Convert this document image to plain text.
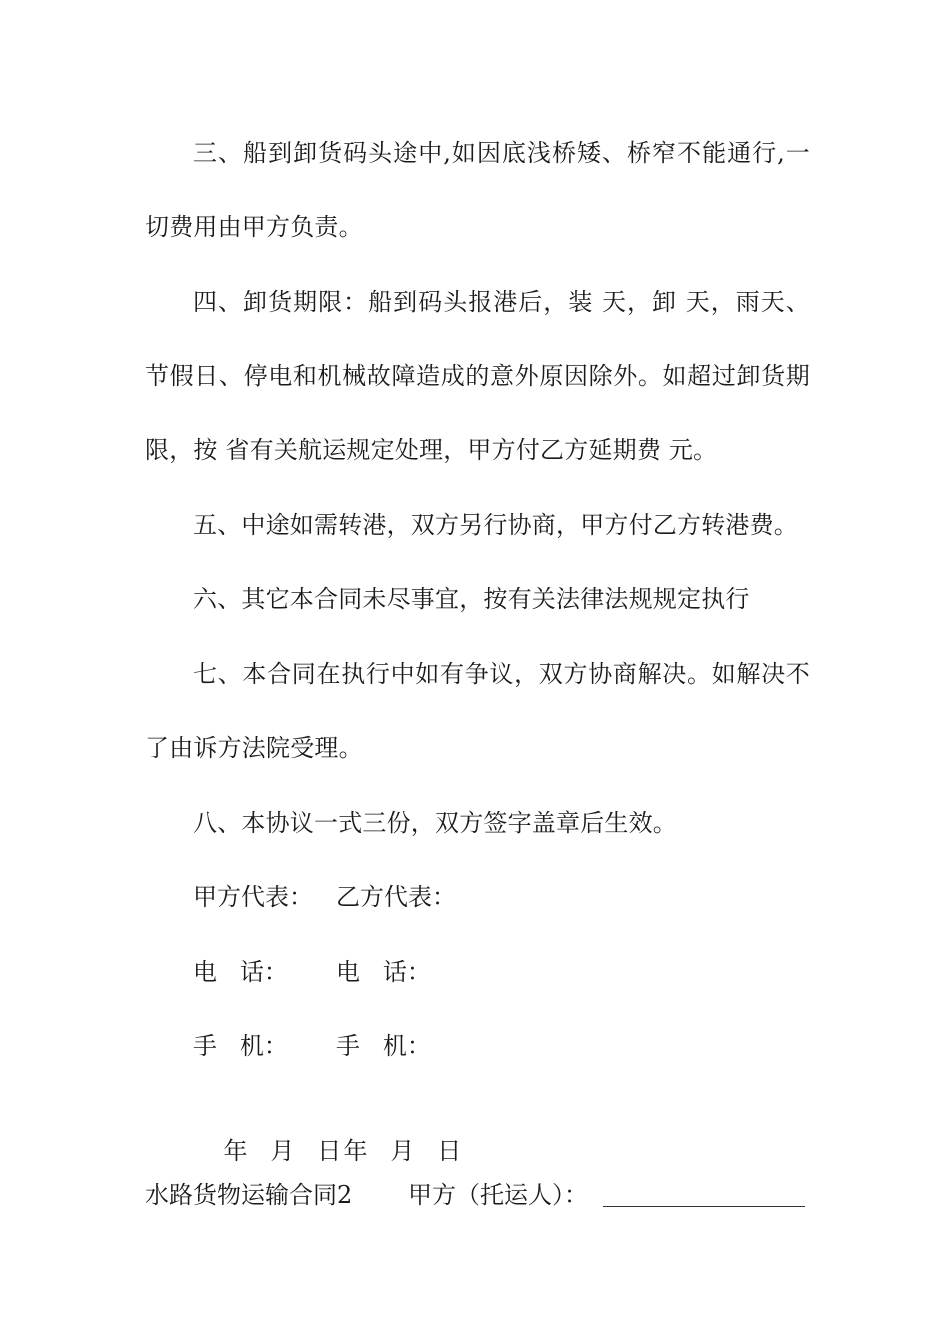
三、船到卸货码头途中,如因底浅桥矮、桥窄不能通行,一
切费用由甲方负责。
四、卸货期限：船到码头报港后，装 天，卸 天，雨天、
节假日、停电和机械故障造成的意外原因除外。如超过卸货期
限，按 省有关航运规定处理，甲方付乙方延期费 元。
五、中途如需转港，双方另行协商，甲方付乙方转港费。
六、其它本合同未尽事宜，按有关法律法规规定执行
七、本合同在执行中如有争议，双方协商解决。如解决不
了由诉方法院受理。
八、本协议一式三份，双方签字盖章后生效。
甲方代表： 乙方代表：
电   话： 电   话：
手   机： 手   机：

年   月   日年   月   日

水路货物运输合同2 甲方（托运人）：
